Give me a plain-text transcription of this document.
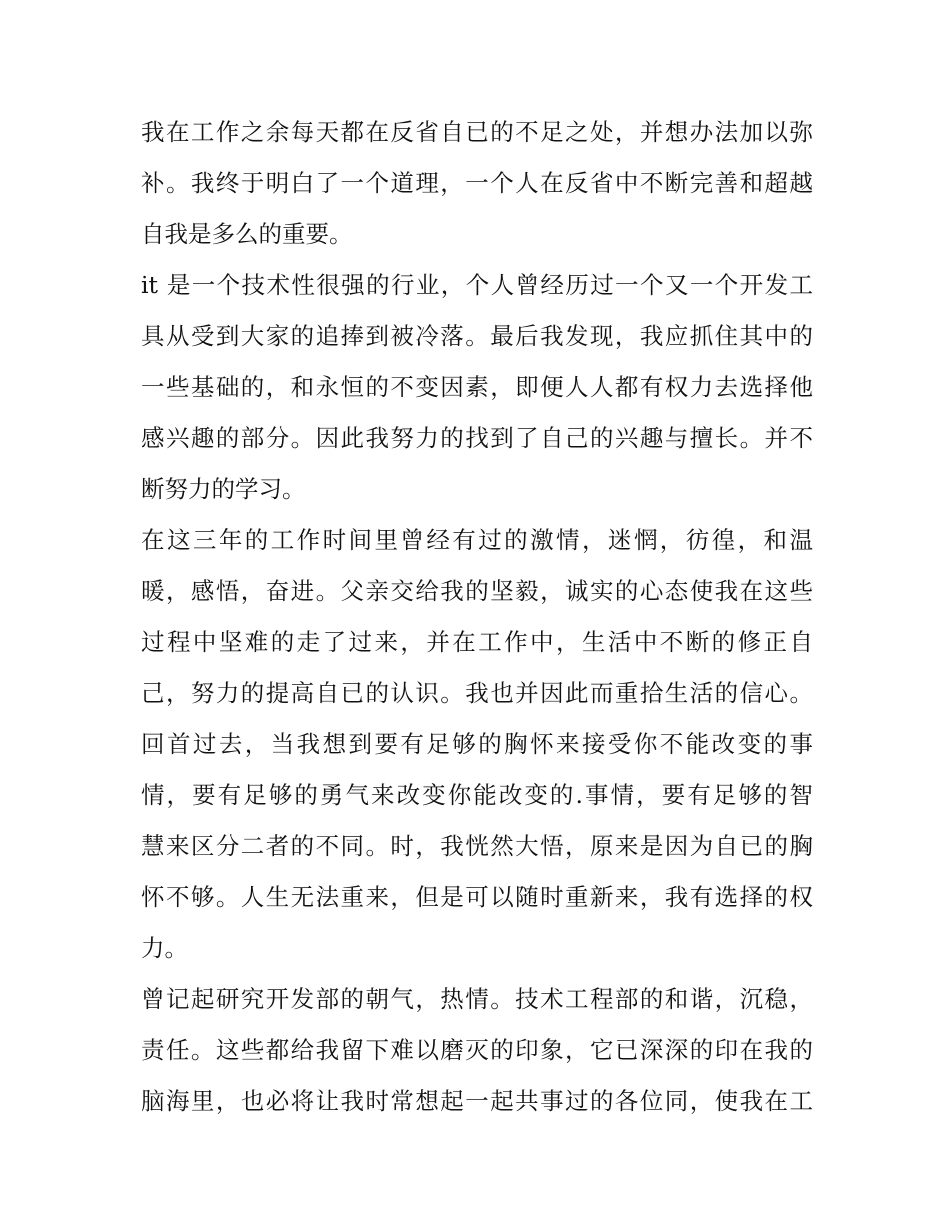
我在工作之余每天都在反省自已的不足之处，并想办法加以弥
补。我终于明白了一个道理，一个人在反省中不断完善和超越
自我是多么的重要。
it 是一个技术性很强的行业，个人曾经历过一个又一个开发工
具从受到大家的追捧到被冷落。最后我发现，我应抓住其中的
一些基础的，和永恒的不变因素，即便人人都有权力去选择他
感兴趣的部分。因此我努力的找到了自己的兴趣与擅长。并不
断努力的学习。
在这三年的工作时间里曾经有过的激情，迷惘，彷徨，和温
暖，感悟，奋进。父亲交给我的坚毅，诚实的心态使我在这些
过程中坚难的走了过来，并在工作中，生活中不断的修正自
己，努力的提高自已的认识。我也并因此而重拾生活的信心。
回首过去，当我想到要有足够的胸怀来接受你不能改变的事
情，要有足够的勇气来改变你能改变的.事情，要有足够的智
慧来区分二者的不同。时，我恍然大悟，原来是因为自已的胸
怀不够。人生无法重来，但是可以随时重新来，我有选择的权
力。
曾记起研究开发部的朝气，热情。技术工程部的和谐，沉稳，
责任。这些都给我留下难以磨灭的印象，它已深深的印在我的
脑海里，也必将让我时常想起一起共事过的各位同，使我在工
